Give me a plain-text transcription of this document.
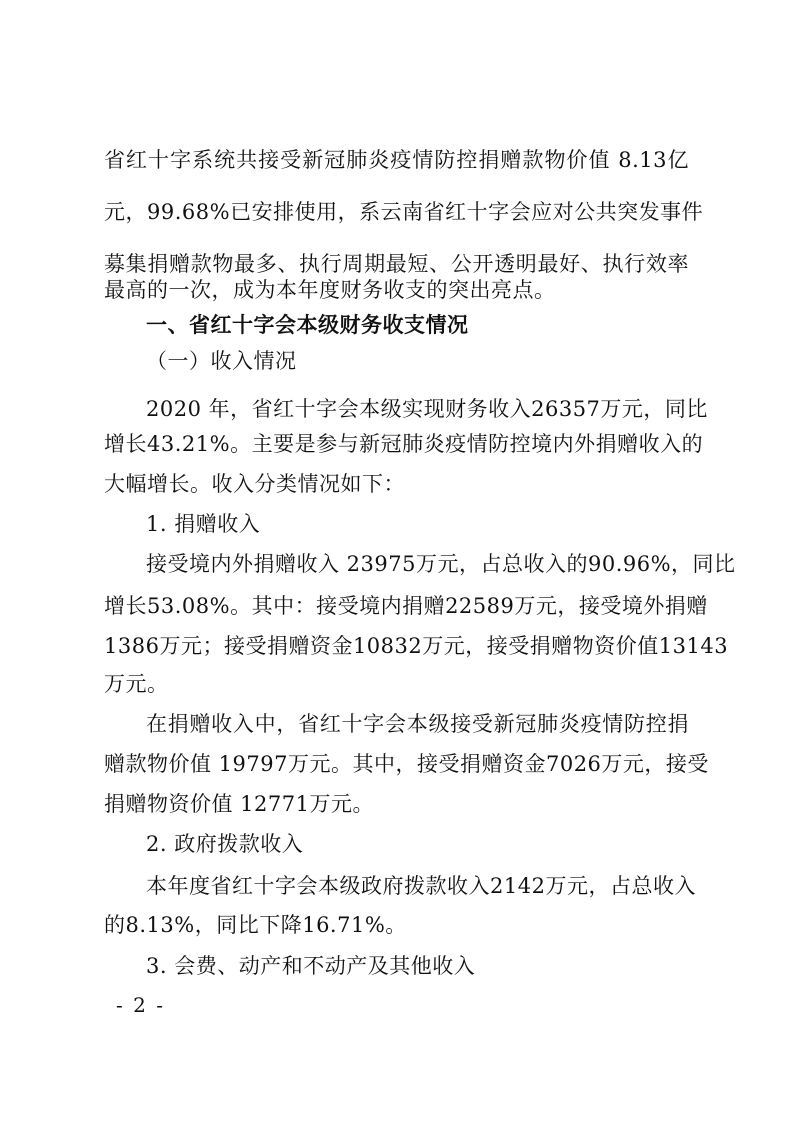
省红十字系统共接受新冠肺炎疫情防控捐赠款物价值 8.13亿
元，99.68%已安排使用，系云南省红十字会应对公共突发事件
募集捐赠款物最多、执行周期最短、公开透明最好、执行效率
最高的一次，成为本年度财务收支的突出亮点。
一、省红十字会本级财务收支情况
（一）收入情况
2020 年，省红十字会本级实现财务收入26357万元，同比
增长43.21%。主要是参与新冠肺炎疫情防控境内外捐赠收入的
大幅增长。收入分类情况如下：
1. 捐赠收入
接受境内外捐赠收入 23975万元，占总收入的90.96%，同比
增长53.08%。其中：接受境内捐赠22589万元，接受境外捐赠
1386万元；接受捐赠资金10832万元，接受捐赠物资价值13143
万元。
在捐赠收入中，省红十字会本级接受新冠肺炎疫情防控捐
赠款物价值 19797万元。其中，接受捐赠资金7026万元，接受
捐赠物资价值 12771万元。
2. 政府拨款收入
本年度省红十字会本级政府拨款收入2142万元，占总收入
的8.13%，同比下降16.71%。
3. 会费、动产和不动产及其他收入
- 2 -
